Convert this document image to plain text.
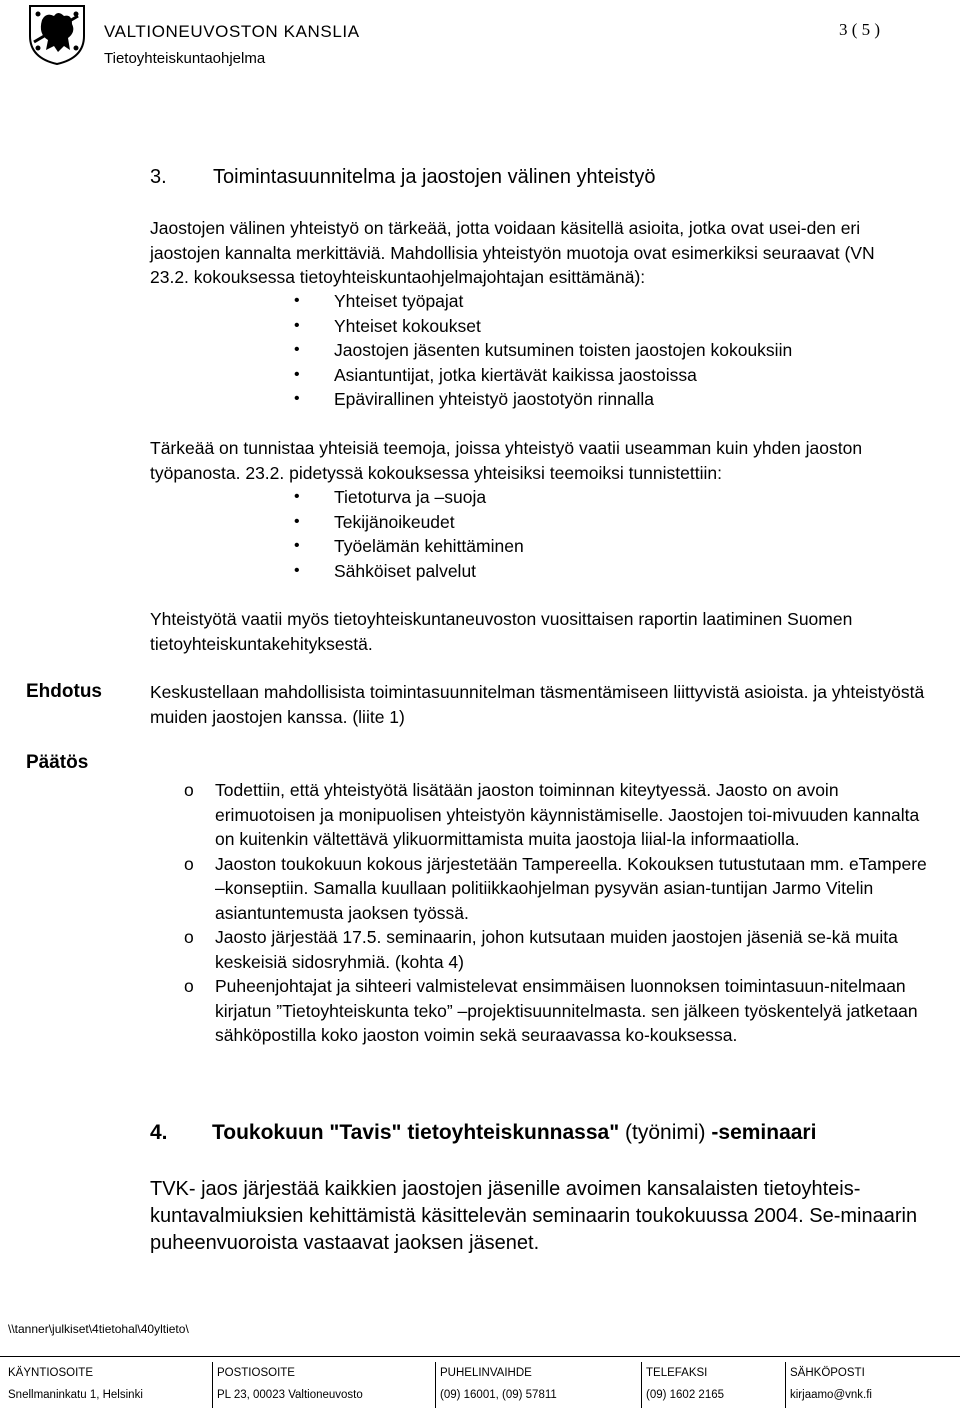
VALTIONEUVOSTON KANSLIA
Tietoyhteiskuntaohjelma
3 ( 5 )
3. Toimintasuunnitelma ja jaostojen välinen yhteistyö
Jaostojen välinen yhteistyö on tärkeää, jotta voidaan käsitellä asioita, jotka ovat usei-den eri jaostojen kannalta merkittäviä. Mahdollisia yhteistyön muotoja ovat esimerkiksi seuraavat (VN 23.2. kokouksessa tietoyhteiskuntaohjelmajohtajan esittämänä):
• Yhteiset työpajat
• Yhteiset kokoukset
• Jaostojen jäsenten kutsuminen toisten jaostojen kokouksiin
• Asiantuntijat, jotka kiertävät kaikissa jaostoissa
• Epävirallinen yhteistyö jaostotyön rinnalla
Tärkeää on tunnistaa yhteisiä teemoja, joissa yhteistyö vaatii useamman kuin yhden jaoston työpanosta. 23.2. pidetyssä kokouksessa yhteisiksi teemoiksi tunnistettiin:
• Tietoturva ja –suoja
• Tekijänoikeudet
• Työelämän kehittäminen
• Sähköiset palvelut
Yhteistyötä vaatii myös tietoyhteiskuntaneuvoston vuosittaisen raportin laatiminen Suomen tietoyhteiskuntakehityksestä.
Ehdotus	Keskustellaan mahdollisista toimintasuunnitelman täsmentämiseen liittyvistä asioista. ja yhteistyöstä muiden jaostojen kanssa. (liite 1)
Päätös
o Todettiin, että yhteistyötä lisätään jaoston toiminnan kiteytyessä. Jaosto on avoin erimuotoisen ja monipuolisen yhteistyön käynnistämiselle. Jaostojen toi-mivuuden kannalta on kuitenkin vältettävä ylikuormittamista muita jaostoja liial-la informaatiolla.
o Jaoston toukokuun kokous järjestetään Tampereella. Kokouksen tutustutaan mm. eTampere –konseptiin. Samalla kuullaan politiikkaohjelman pysyvän asian-tuntijan Jarmo Vitelin asiantuntemusta jaoksen työssä.
o Jaosto järjestää 17.5. seminaarin, johon kutsutaan muiden jaostojen jäseniä se-kä muita keskeisiä sidosryhmiä. (kohta 4)
o Puheenjohtajat ja sihteeri valmistelevat ensimmäisen luonnoksen toimintasuun-nitelmaan kirjatun ”Tietoyhteiskunta teko” –projektisuunnitelmasta. sen jälkeen työskentelyä jatketaan sähköpostilla koko jaoston voimin sekä seuraavassa ko-kouksessa.
4. Toukokuun "Tavis" tietoyhteiskunnassa" (työnimi) -seminaari
TVK- jaos järjestää kaikkien jaostojen jäsenille avoimen kansalaisten tietoyhteis-kuntavalmiuksien kehittämistä käsittelevän seminaarin toukokuussa 2004. Se-minaarin puheenvuoroista vastaavat jaoksen jäsenet.
\\tanner\julkiset\4tietohal\40yltieto\
KÄYNTIOSOITE
Snellmaninkatu 1, Helsinki
POSTIOSOITE
PL 23, 00023 Valtioneuvosto
PUHELINVAIHDE
(09) 16001, (09) 57811
TELEFAKSI
(09) 1602 2165
SÄHKÖPOSTI
kirjaamo@vnk.fi
